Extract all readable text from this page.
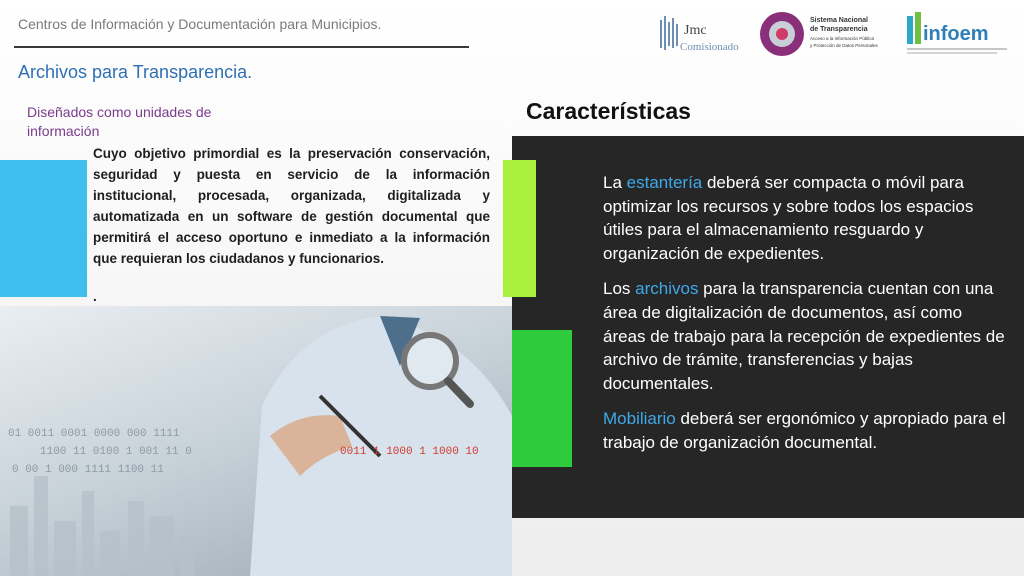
Centros de Información y Documentación para Municipios.
Archivos para Transparencia.
Diseñados como unidades de información
Cuyo objetivo primordial es la preservación conservación, seguridad y puesta en servicio de la información institucional, procesada, organizada, digitalizada y automatizada en un software de gestión documental que permitirá el acceso oportuno e inmediato a la información que requieran los ciudadanos y funcionarios.
.
01 0011 0001 0000 000 1111
1100 11 0100 1 001 11 0
0 00 1 000 1111 1100 11
0011 1 1000 1 1000 10
Características

La estantería deberá ser compacta o móvil para optimizar los recursos y sobre todos los espacios útiles para el almacenamiento resguardo y organización de expedientes.

Los archivos para la transparencia cuentan con una área de digitalización de documentos, así como áreas de trabajo para la recepción de expedientes de archivo de trámite, transferencias y bajas documentales.

Mobiliario deberá ser ergonómico y apropiado para el trabajo de organización documental.

Jmc
Comisionado
Sistema Nacional
de Transparencia
Acceso a la Información Pública
y Protección de Datos Personales
infoem
